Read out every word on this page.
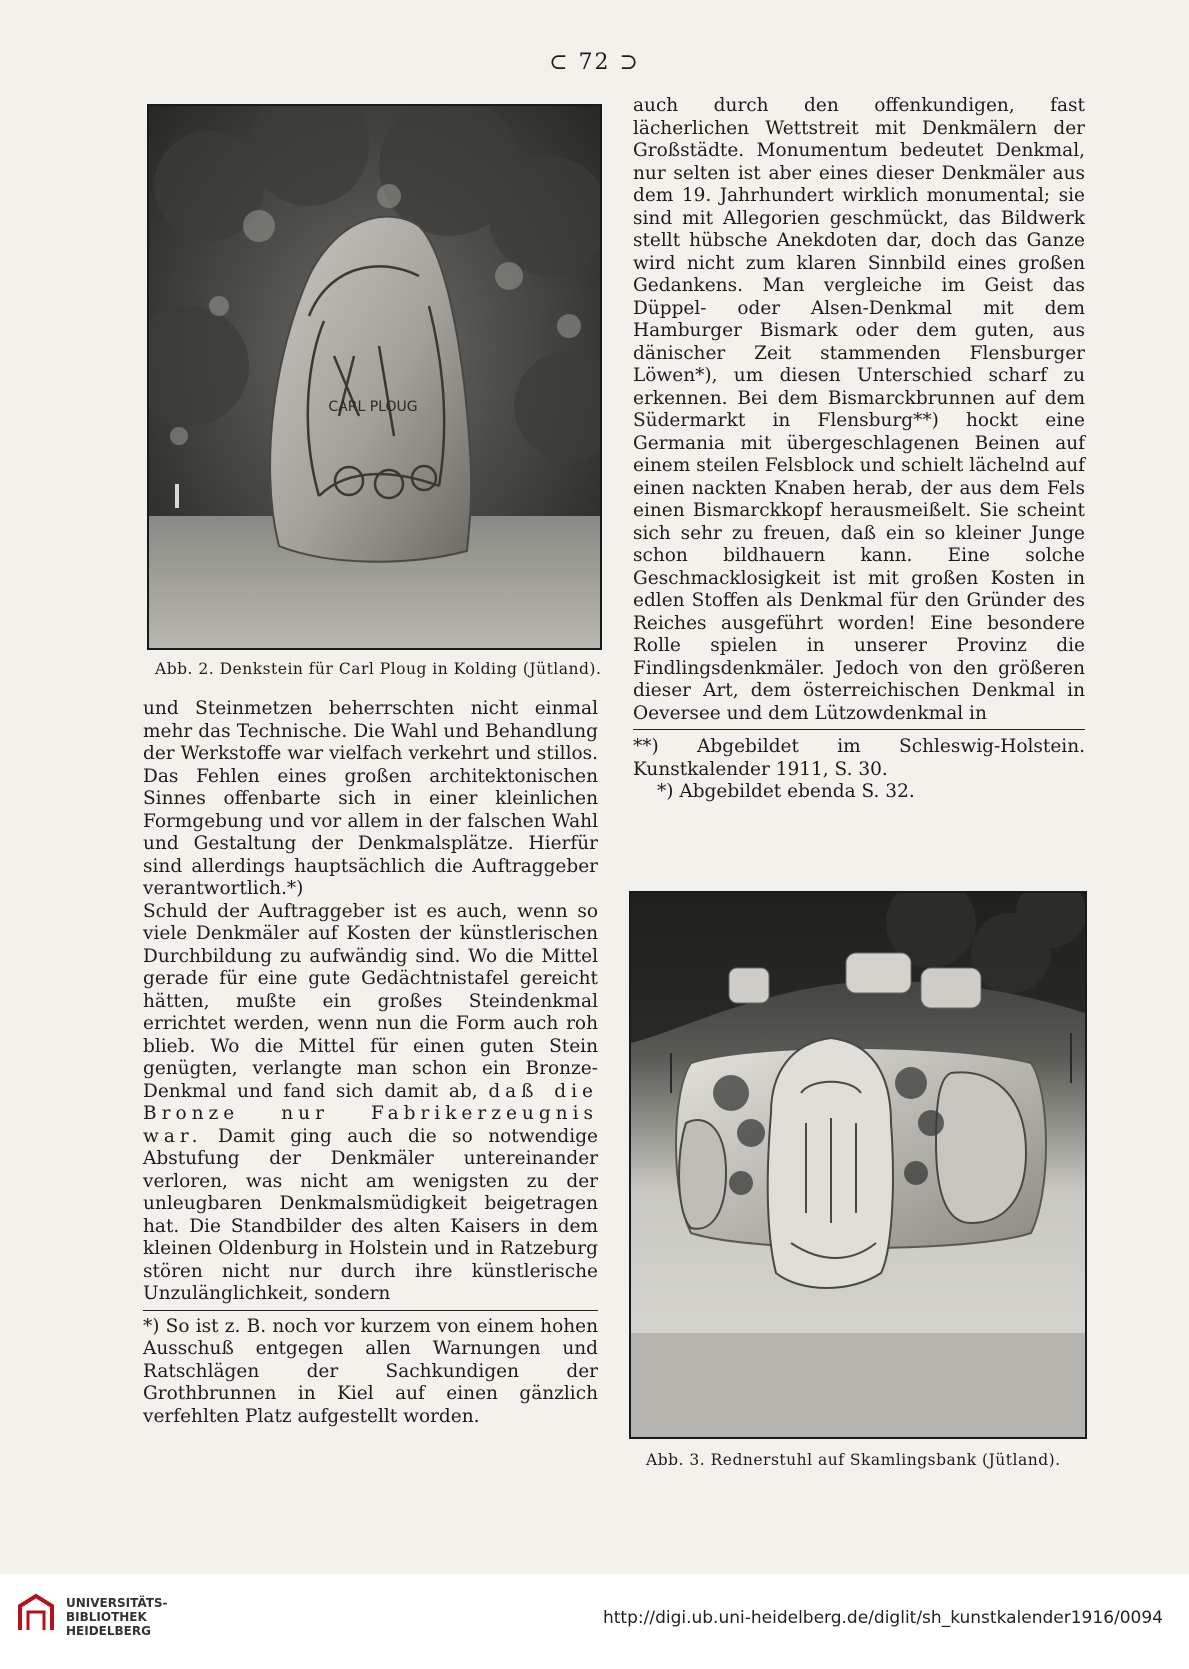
⊂ 72 ⊃
CARL PLOUG
Abb. 2. Denkstein für Carl Ploug in Kolding (Jütland).

und Steinmetzen beherrschten nicht einmal mehr das Technische. Die Wahl und Behandlung der Werkstoffe war vielfach verkehrt und stillos. Das Fehlen eines großen architektonischen Sinnes offenbarte sich in einer kleinlichen Formgebung und vor allem in der falschen Wahl und Gestaltung der Denkmalsplätze. Hierfür sind allerdings hauptsächlich die Auftraggeber verantwortlich.*)

Schuld der Auftraggeber ist es auch, wenn so viele Denkmäler auf Kosten der künstlerischen Durchbildung zu aufwändig sind. Wo die Mittel gerade für eine gute Gedächtnistafel gereicht hätten, mußte ein großes Steindenkmal errichtet werden, wenn nun die Form auch roh blieb. Wo die Mittel für einen guten Stein genügten, verlangte man schon ein Bronze-Denkmal und fand sich damit ab, daß die Bronze nur Fabrikerzeugnis war. Damit ging auch die so notwendige Abstufung der Denkmäler untereinander verloren, was nicht am wenigsten zu der unleugbaren Denkmalsmüdigkeit beigetragen hat. Die Standbilder des alten Kaisers in dem kleinen Oldenburg in Holstein und in Ratzeburg stören nicht nur durch ihre künstlerische Unzulänglichkeit, sondern

*) So ist z. B. noch vor kurzem von einem hohen Ausschuß entgegen allen Warnungen und Ratschlägen der Sachkundigen der Grothbrunnen in Kiel auf einen gänzlich verfehlten Platz aufgestellt worden.

auch durch den offenkundigen, fast lächerlichen Wettstreit mit Denkmälern der Großstädte. Monumentum bedeutet Denkmal, nur selten ist aber eines dieser Denkmäler aus dem 19. Jahrhundert wirklich monumental; sie sind mit Allegorien geschmückt, das Bildwerk stellt hübsche Anekdoten dar, doch das Ganze wird nicht zum klaren Sinnbild eines großen Gedankens. Man vergleiche im Geist das Düppel- oder Alsen-Denkmal mit dem Hamburger Bismark oder dem guten, aus dänischer Zeit stammenden Flensburger Löwen*), um diesen Unterschied scharf zu erkennen. Bei dem Bismarckbrunnen auf dem Südermarkt in Flensburg**) hockt eine Germania mit übergeschlagenen Beinen auf einem steilen Felsblock und schielt lächelnd auf einen nackten Knaben herab, der aus dem Fels einen Bismarckkopf herausmeißelt. Sie scheint sich sehr zu freuen, daß ein so kleiner Junge schon bildhauern kann. Eine solche Geschmacklosigkeit ist mit großen Kosten in edlen Stoffen als Denkmal für den Gründer des Reiches ausgeführt worden! Eine besondere Rolle spielen in unserer Provinz die Findlingsdenkmäler. Jedoch von den größeren dieser Art, dem österreichischen Denkmal in Oeversee und dem Lützowdenkmal in

**) Abgebildet im Schleswig-Holstein. Kunstkalender 1911, S. 30.

*) Abgebildet ebenda S. 32.

Abb. 3. Rednerstuhl auf Skamlingsbank (Jütland).
UNIVERSITÄTS-
BIBLIOTHEK
HEIDELBERG
http://digi.ub.uni-heidelberg.de/diglit/sh_kunstkalender1916/0094
